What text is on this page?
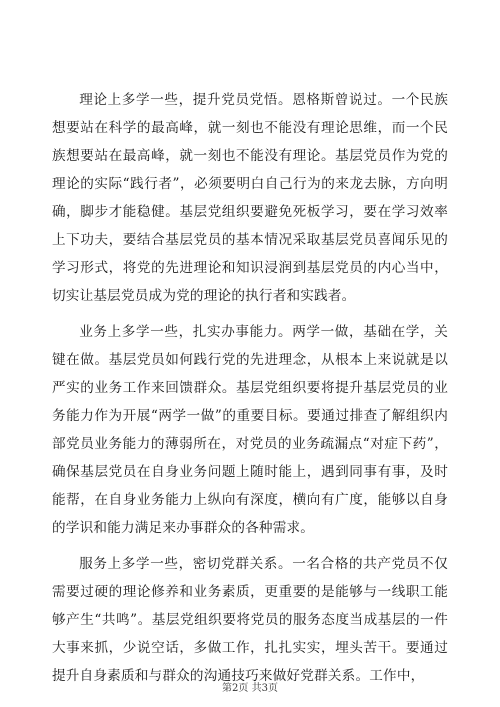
理论上多学一些，提升党员党悟。恩格斯曾说过。一个民族想要站在科学的最高峰，就一刻也不能没有理论思维，而一个民族想要站在最高峰，就一刻也不能没有理论。基层党员作为党的理论的实际“践行者”，必须要明白自己行为的来龙去脉，方向明确，脚步才能稳健。基层党组织要避免死板学习，要在学习效率上下功夫，要结合基层党员的基本情况采取基层党员喜闻乐见的学习形式，将党的先进理论和知识浸润到基层党员的内心当中，切实让基层党员成为党的理论的执行者和实践者。

业务上多学一些，扎实办事能力。两学一做，基础在学，关键在做。基层党员如何践行党的先进理念，从根本上来说就是以严实的业务工作来回馈群众。基层党组织要将提升基层党员的业务能力作为开展“两学一做”的重要目标。要通过排查了解组织内部党员业务能力的薄弱所在，对党员的业务疏漏点“对症下药”，确保基层党员在自身业务问题上随时能上，遇到同事有事，及时能帮，在自身业务能力上纵向有深度，横向有广度，能够以自身的学识和能力满足来办事群众的各种需求。

服务上多学一些，密切党群关系。一名合格的共产党员不仅需要过硬的理论修养和业务素质，更重要的是能够与一线职工能够产生“共鸣”。基层党组织要将党员的服务态度当成基层的一件大事来抓，少说空话，多做工作，扎扎实实，埋头苦干。要通过提升自身素质和与群众的沟通技巧来做好党群关系。工作中，

第2页 共3页
